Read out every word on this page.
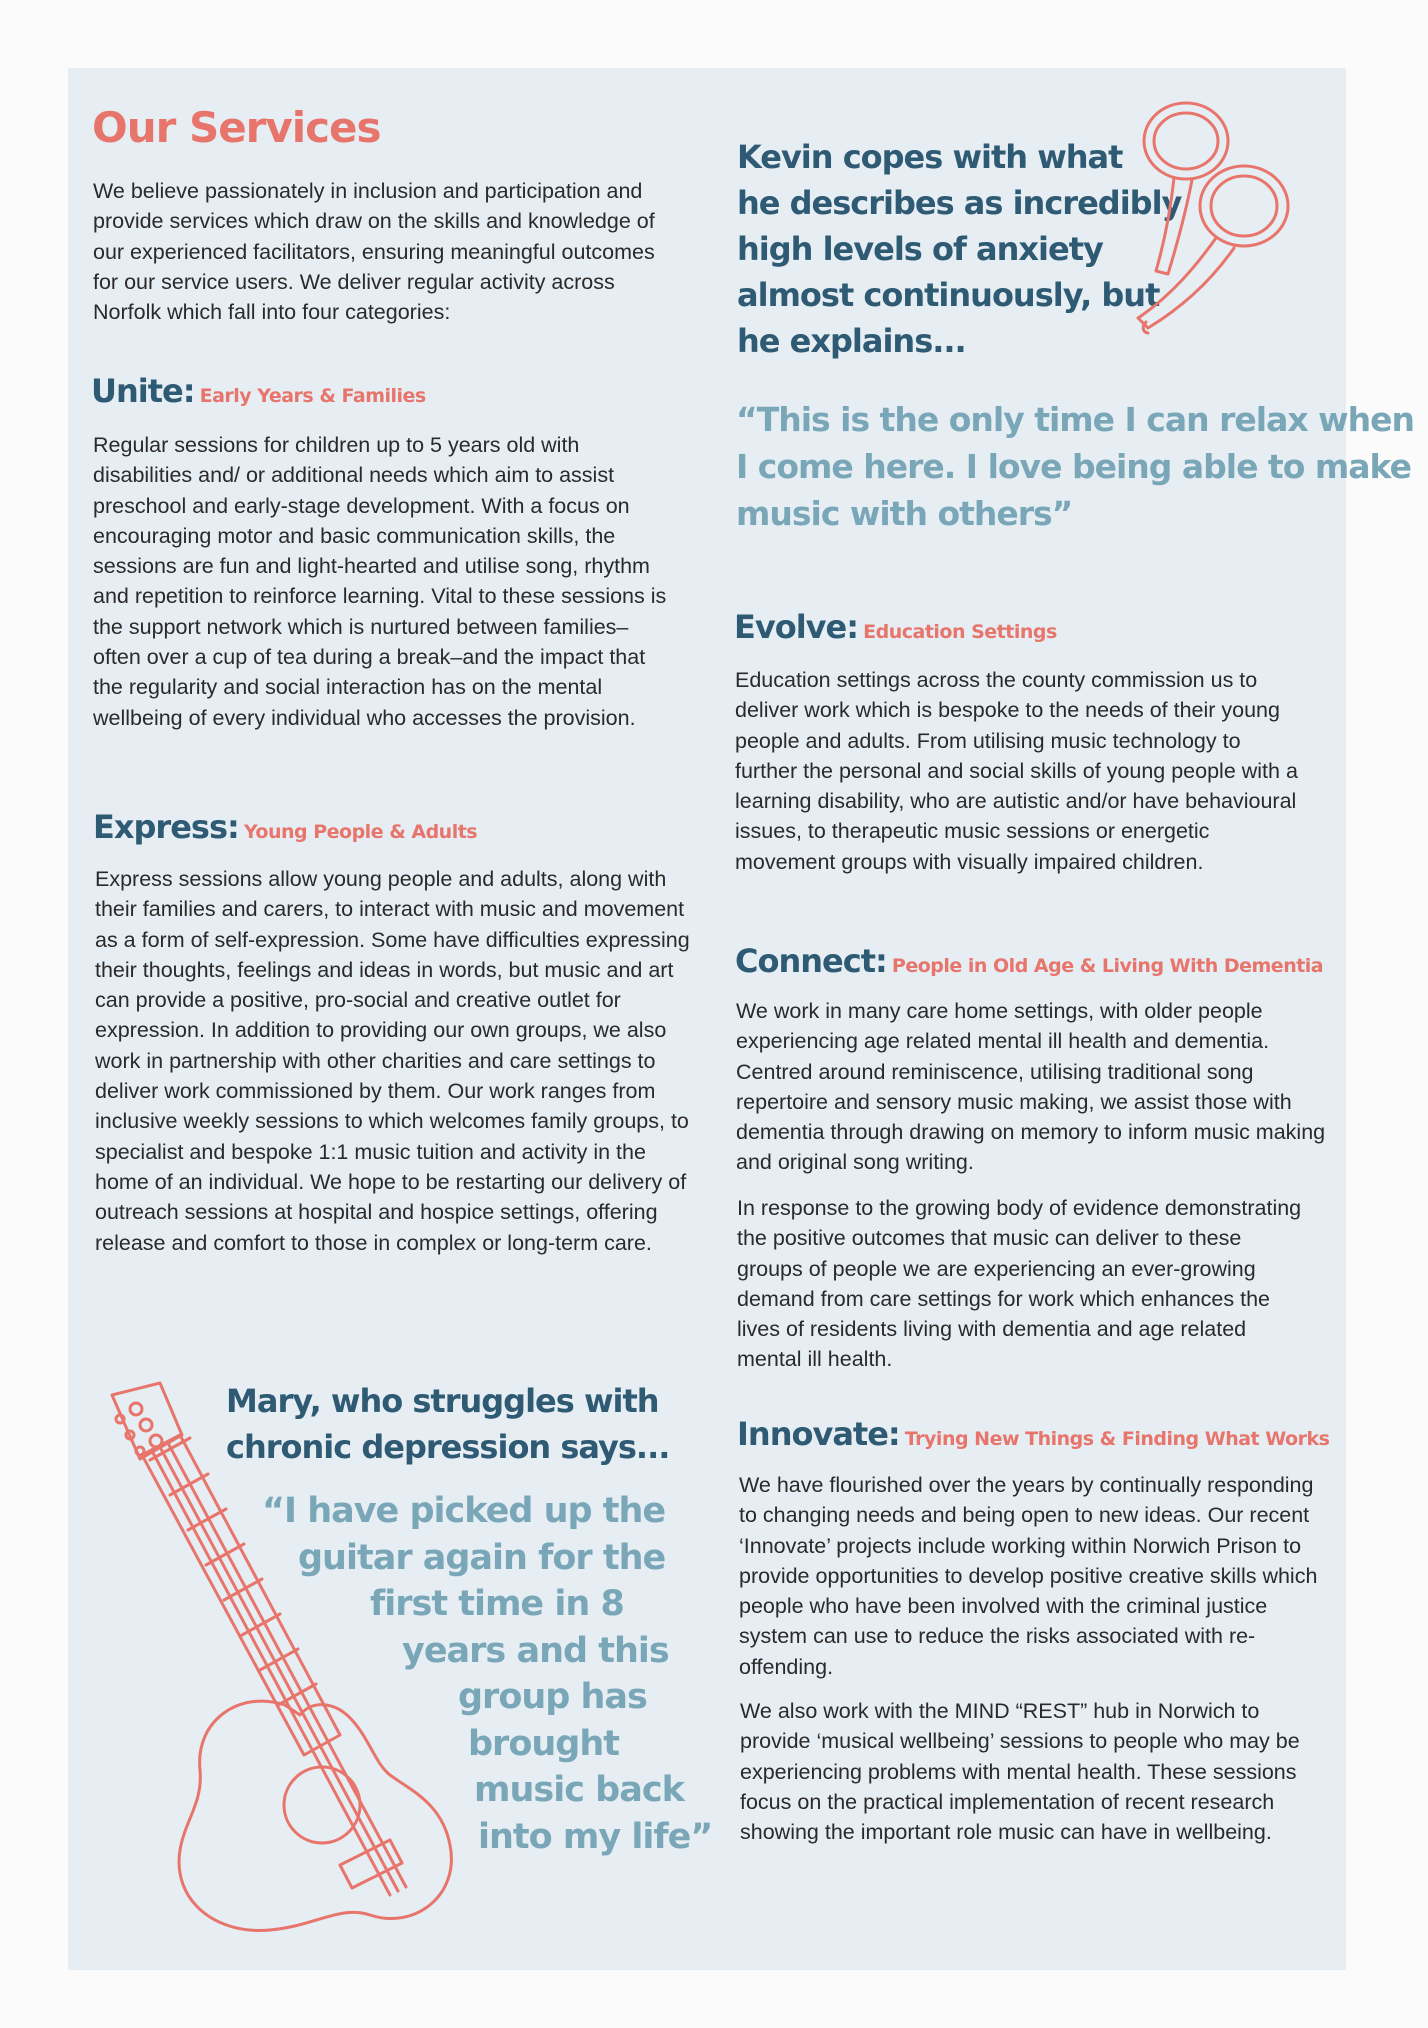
Our Services

We believe passionately in inclusion and participation and provide services which draw on the skills and knowledge of our experienced facilitators, ensuring meaningful outcomes for our service users. We deliver regular activity across Norfolk which fall into four categories:

Unite: Early Years & Families

Regular sessions for children up to 5 years old with disabilities and/ or additional needs which aim to assist preschool and early-stage development. With a focus on encouraging motor and basic communication skills, the sessions are fun and light-hearted and utilise song, rhythm and repetition to reinforce learning. Vital to these sessions is the support network which is nurtured between families–often over a cup of tea during a break–and the impact that the regularity and social interaction has on the mental wellbeing of every individual who accesses the provision.

Express: Young People & Adults

Express sessions allow young people and adults, along with their families and carers, to interact with music and movement as a form of self-expression. Some have difficulties expressing their thoughts, feelings and ideas in words, but music and art can provide a positive, pro-social and creative outlet for expression. In addition to providing our own groups, we also work in partnership with other charities and care settings to deliver work commissioned by them. Our work ranges from inclusive weekly sessions to which welcomes family groups, to specialist and bespoke 1:1 music tuition and activity in the home of an individual. We hope to be restarting our delivery of outreach sessions at hospital and hospice settings, offering release and comfort to those in complex or long-term care.

Mary, who struggles with
chronic depression says...
“I have picked up the
guitar again for the
first time in 8
years and this
group has
brought
music back
into my life”
Kevin copes with what
he describes as incredibly
high levels of anxiety
almost continuously, but
he explains...
“This is the only time I can relax when
I come here. I love being able to make
music with others”
Evolve: Education Settings

Education settings across the county commission us to deliver work which is bespoke to the needs of their young people and adults. From utilising music technology to further the personal and social skills of young people with a learning disability, who are autistic and/or have behavioural issues, to therapeutic music sessions or energetic movement groups with visually impaired children.

Connect: People in Old Age & Living With Dementia

We work in many care home settings, with older people experiencing age related mental ill health and dementia. Centred around reminiscence, utilising traditional song repertoire and sensory music making, we assist those with dementia through drawing on memory to inform music making and original song writing.

In response to the growing body of evidence demonstrating the positive outcomes that music can deliver to these groups of people we are experiencing an ever-growing demand from care settings for work which enhances the lives of residents living with dementia and age related mental ill health.

Innovate: Trying New Things & Finding What Works

We have flourished over the years by continually responding to changing needs and being open to new ideas. Our recent ‘Innovate’ projects include working within Norwich Prison to provide opportunities to develop positive creative skills which people who have been involved with the criminal justice system can use to reduce the risks associated with re-offending.

We also work with the MIND “REST” hub in Norwich to provide ‘musical wellbeing’ sessions to people who may be experiencing problems with mental health. These sessions focus on the practical implementation of recent research showing the important role music can have in wellbeing.
